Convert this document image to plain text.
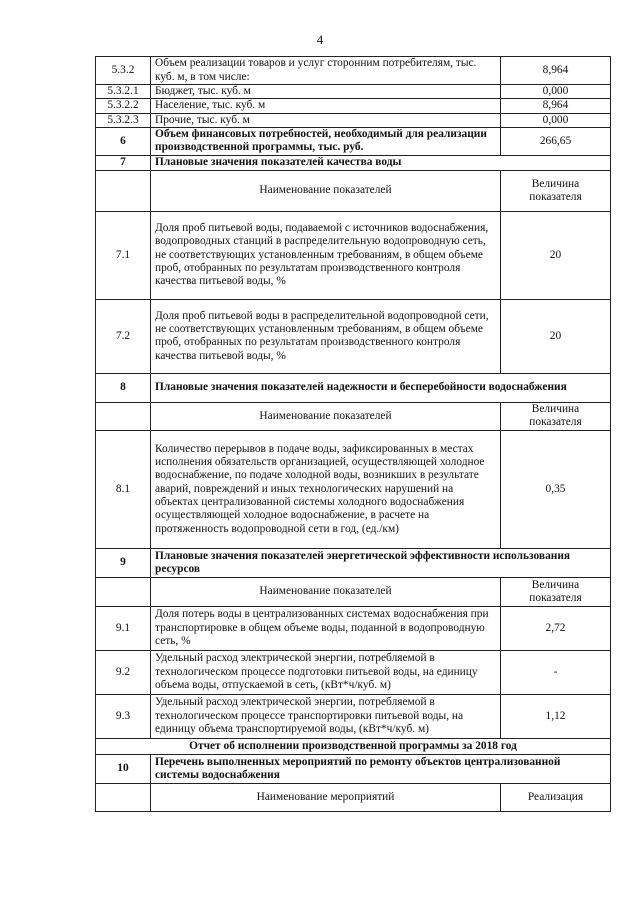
4
5.3.2	Объем реализации товаров и услуг сторонним потребителям, тыс. куб. м, в том числе:	8,964
5.3.2.1	Бюджет, тыс. куб. м	0,000
5.3.2.2	Население, тыс. куб. м	8,964
5.3.2.3	Прочие, тыс. куб. м	0,000
6	Объем финансовых потребностей, необходимый для реализации производственной программы, тыс. руб.	266,65
7	Плановые значения показателей качества воды	
	Наименование показателей	Величина показателя
7.1	Доля проб питьевой воды, подаваемой с источников водоснабжения, водопроводных станций в распределительную водопроводную сеть, не соответствующих установленным требованиям, в общем объеме проб, отобранных по результатам производственного контроля качества питьевой воды, %	20
7.2	Доля проб питьевой воды в распределительной водопроводной сети, не соответствующих установленным требованиям, в общем объеме проб, отобранных по результатам производственного контроля качества питьевой воды, %	20
8	Плановые значения показателей надежности и бесперебойности водоснабжения	
	Наименование показателей	Величина показателя
8.1	Количество перерывов в подаче воды, зафиксированных в местах исполнения обязательств организацией, осуществляющей холодное водоснабжение, по подаче холодной воды, возникших в результате аварий, повреждений и иных технологических нарушений на объектах централизованной системы холодного водоснабжения осуществляющей холодное водоснабжение, в расчете на протяженность водопроводной сети в год, (ед./км)	0,35
9	Плановые значения показателей энергетической эффективности использования ресурсов	
	Наименование показателей	Величина показателя
9.1	Доля потерь воды в централизованных системах водоснабжения при транспортировке в общем объеме воды, поданной в водопроводную сеть, %	2,72
9.2	Удельный расход электрической энергии, потребляемой в технологическом процессе подготовки питьевой воды, на единицу объема воды, отпускаемой в сеть, (кВт*ч/куб. м)	-
9.3	Удельный расход электрической энергии, потребляемой в технологическом процессе транспортировки питьевой воды, на единицу объема транспортируемой воды, (кВт*ч/куб. м)	1,12
Отчет об исполнении производственной программы за 2018 год		
10	Перечень выполненных мероприятий по ремонту объектов централизованной системы водоснабжения	
	Наименование мероприятий	Реализация
